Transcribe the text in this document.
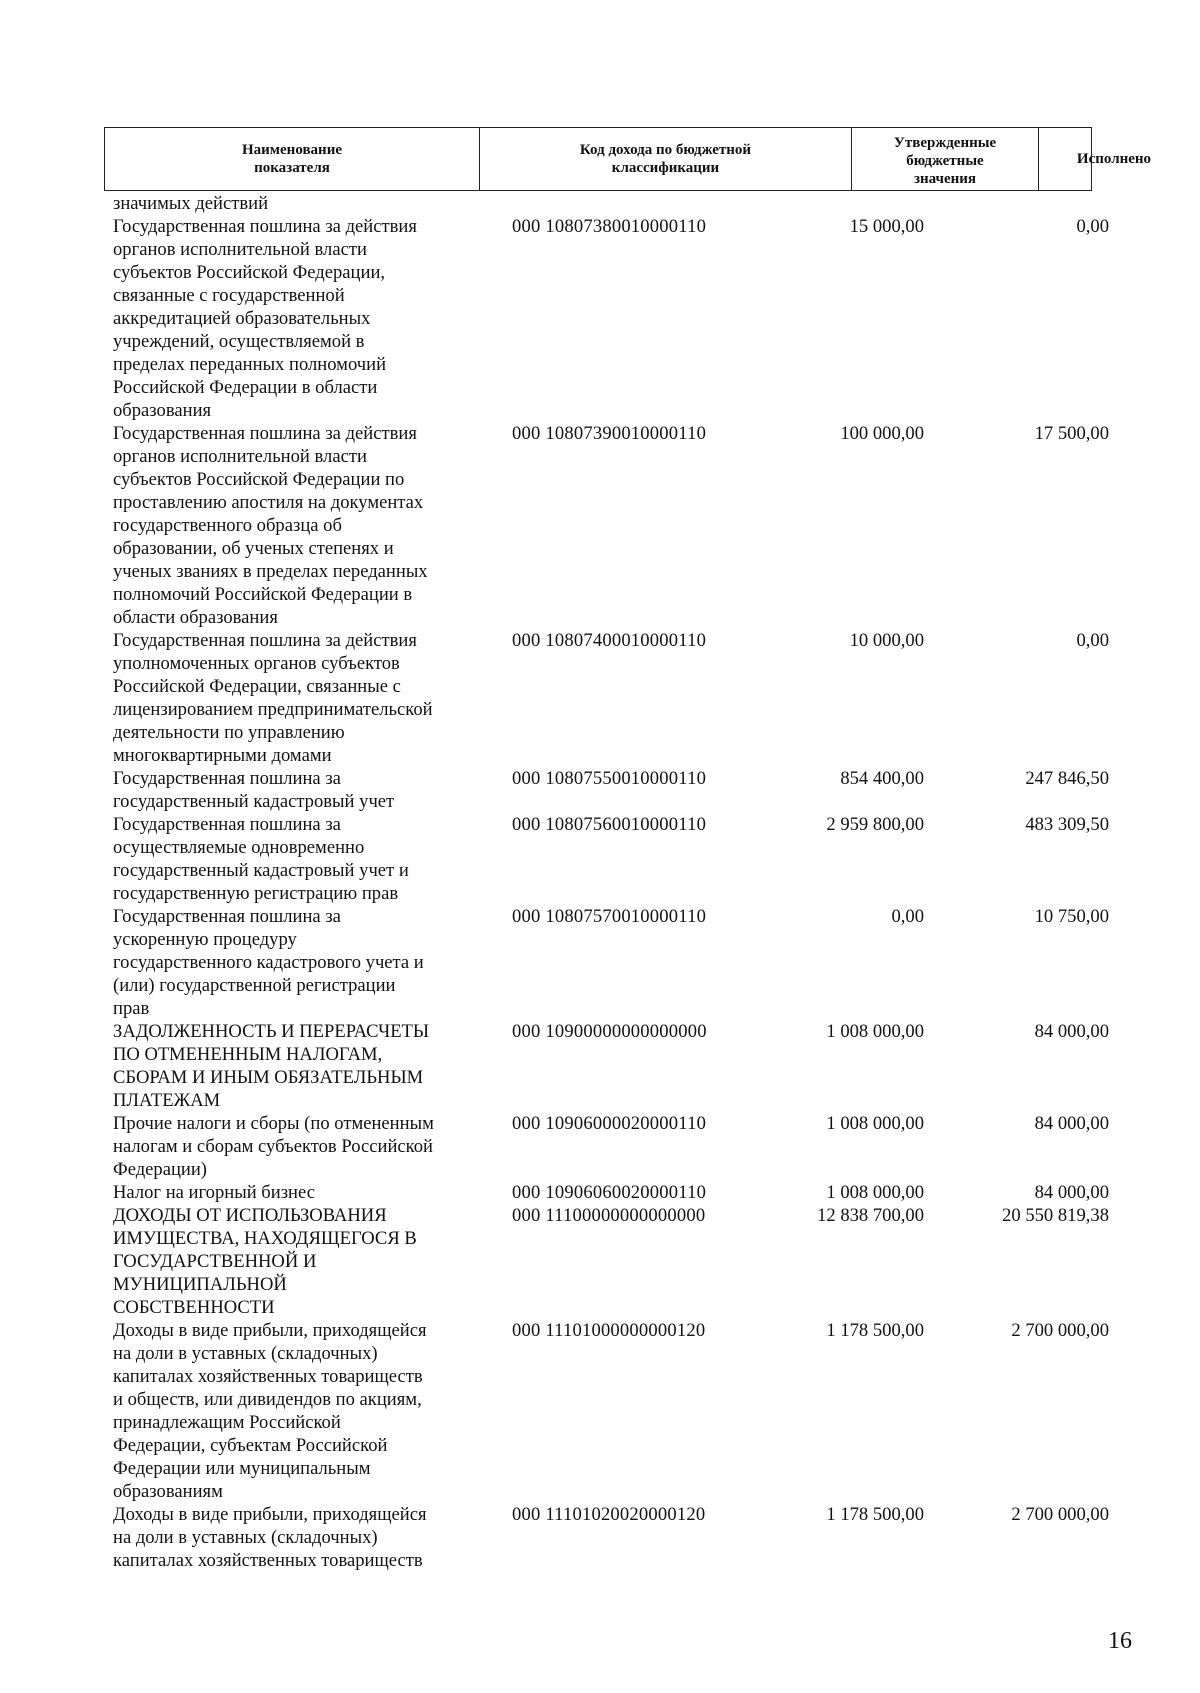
Наименование
показателя
Код дохода по бюджетной
классификации
Утвержденные
бюджетные
значения
Исполнено
значимых действий
Государственная пошлина за действия
органов исполнительной власти
субъектов Российской Федерации,
связанные с государственной
аккредитацией образовательных
учреждений, осуществляемой в
пределах переданных полномочий
Российской Федерации в области
образования
000 10807380010000110	15 000,00	0,00
Государственная пошлина за действия
органов исполнительной власти
субъектов Российской Федерации по
проставлению апостиля на документах
государственного образца об
образовании, об ученых степенях и
ученых званиях в пределах переданных
полномочий Российской Федерации в
области образования
000 10807390010000110	100 000,00	17 500,00
Государственная пошлина за действия
уполномоченных органов субъектов
Российской Федерации, связанные с
лицензированием предпринимательской
деятельности по управлению
многоквартирными домами
000 10807400010000110	10 000,00	0,00
Государственная пошлина за
государственный кадастровый учет
000 10807550010000110	854 400,00	247 846,50
Государственная пошлина за
осуществляемые одновременно
государственный кадастровый учет и
государственную регистрацию прав
000 10807560010000110	2 959 800,00	483 309,50
Государственная пошлина за
ускоренную процедуру
государственного кадастрового учета и
(или) государственной регистрации
прав
000 10807570010000110	0,00	10 750,00
ЗАДОЛЖЕННОСТЬ И ПЕРЕРАСЧЕТЫ
ПО ОТМЕНЕННЫМ НАЛОГАМ,
СБОРАМ И ИНЫМ ОБЯЗАТЕЛЬНЫМ
ПЛАТЕЖАМ
000 10900000000000000	1 008 000,00	84 000,00
Прочие налоги и сборы (по отмененным
налогам и сборам субъектов Российской
Федерации)
000 10906000020000110	1 008 000,00	84 000,00
Налог на игорный бизнес	000 10906060020000110	1 008 000,00	84 000,00
ДОХОДЫ ОТ ИСПОЛЬЗОВАНИЯ
ИМУЩЕСТВА, НАХОДЯЩЕГОСЯ В
ГОСУДАРСТВЕННОЙ И
МУНИЦИПАЛЬНОЙ
СОБСТВЕННОСТИ
000 11100000000000000	12 838 700,00	20 550 819,38
Доходы в виде прибыли, приходящейся
на доли в уставных (складочных)
капиталах хозяйственных товариществ
и обществ, или дивидендов по акциям,
принадлежащим Российской
Федерации, субъектам Российской
Федерации или муниципальным
образованиям
000 11101000000000120	1 178 500,00	2 700 000,00
Доходы в виде прибыли, приходящейся
на доли в уставных (складочных)
капиталах хозяйственных товариществ
000 11101020020000120	1 178 500,00	2 700 000,00
16
